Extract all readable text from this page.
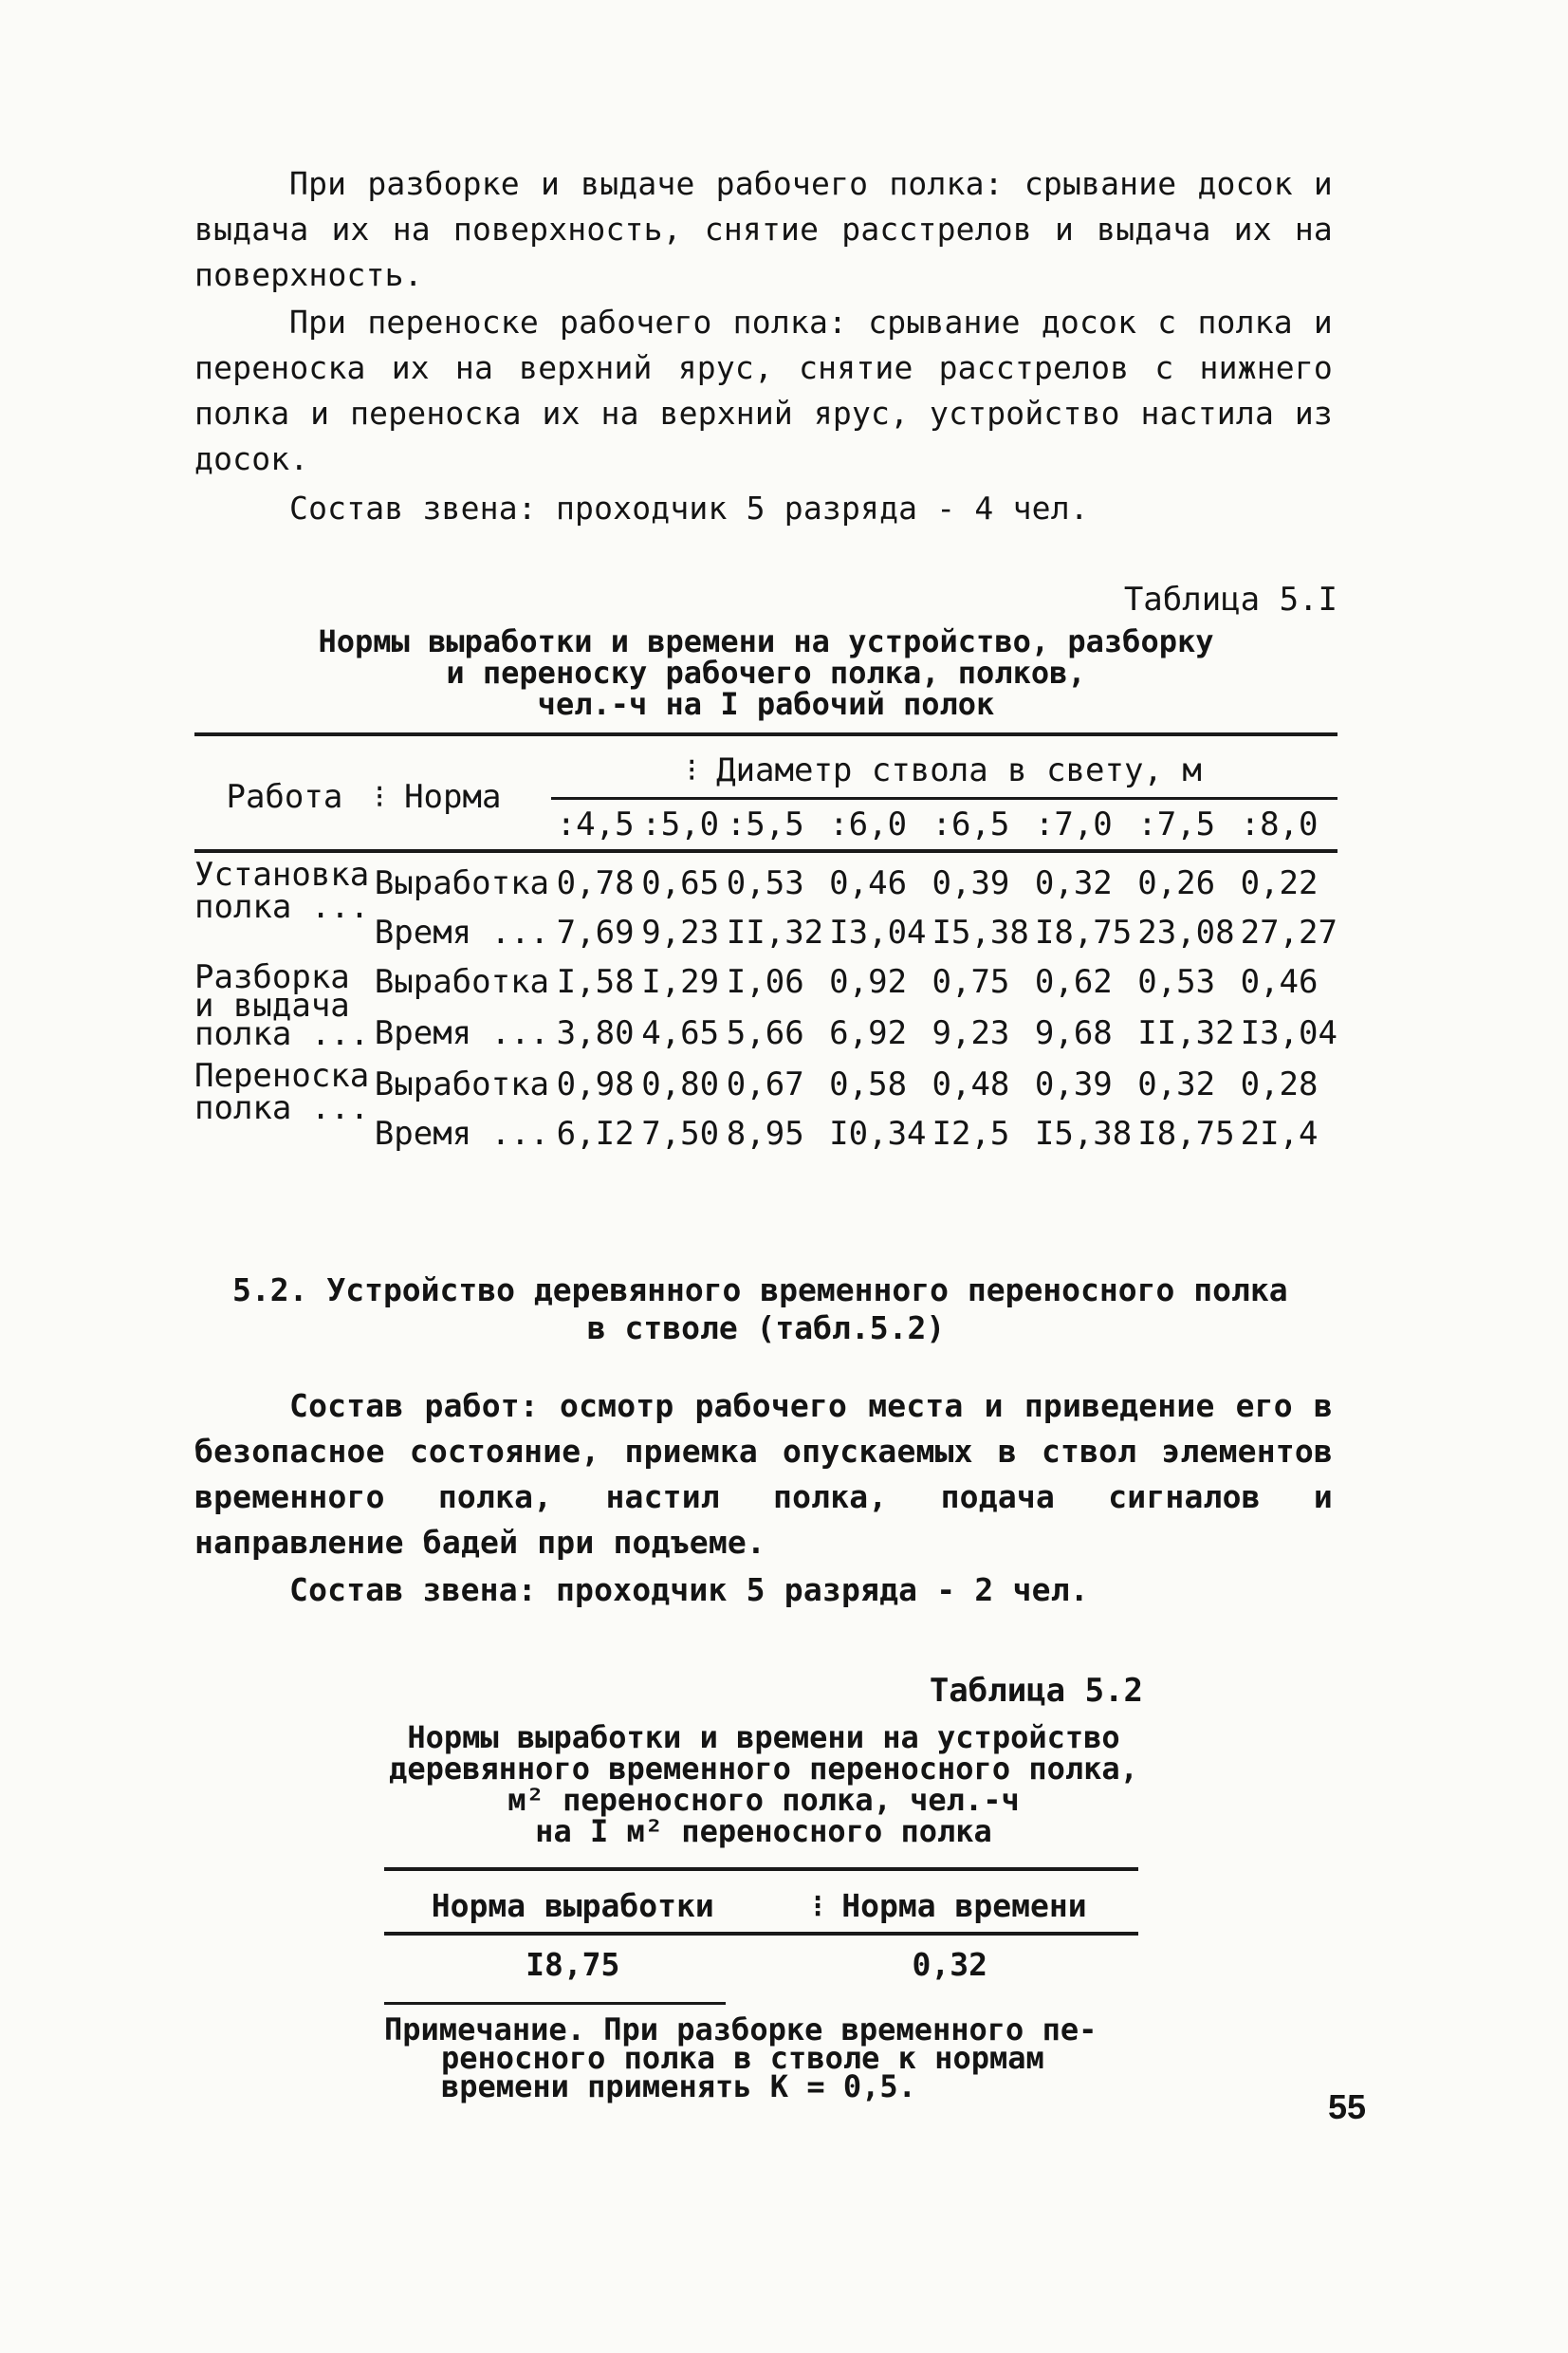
При разборке и выдаче рабочего полка: срывание досок и выдача их на поверхность, снятие расстрелов и выдача их на поверхность.

При переноске рабочего полка: срывание досок с полка и переноска их на верхний ярус, снятие расстрелов с нижнего полка и переноска их на верхний ярус, устройство настила из досок.

Состав звена: проходчик 5 разряда - 4 чел.

Таблица 5.I
Нормы выработки и времени на устройство, разборку
и переноску рабочего полка, полков,
чел.-ч на I рабочий полок
Работа	⁝ Норма	⁝ Диаметр ствола в свету, м							
		:4,5	:5,0	:5,5	:6,0	:6,5	:7,0	:7,5	:8,0

Установка
полка ...	Выработка	0,78	0,65	0,53	0,46	0,39	0,32	0,26	0,22
	Время ...	7,69	9,23	II,32	I3,04	I5,38	I8,75	23,08	27,27

Разборка
и выдача
полка ...	Выработка	I,58	I,29	I,06	0,92	0,75	0,62	0,53	0,46
	Время ...	3,80	4,65	5,66	6,92	9,23	9,68	II,32	I3,04

Переноска
полка ...	Выработка	0,98	0,80	0,67	0,58	0,48	0,39	0,32	0,28
	Время ...	6,I2	7,50	8,95	I0,34	I2,5	I5,38	I8,75	2I,4
5.2. Устройство деревянного временного переносного полка
в стволе (табл.5.2)

Состав работ: осмотр рабочего места и приведение его в безопасное состояние, приемка опускаемых в ствол элементов временного полка, настил полка, подача сигналов и направление бадей при подъеме.

Состав звена: проходчик 5 разряда - 2 чел.

Таблица 5.2
Нормы выработки и времени на устройство
деревянного временного переносного полка,
м² переносного полка, чел.-ч
на I м² переносного полка
Норма выработки	⁝ Норма времени

I8,75	0,32
Примечание. При разборке временного пе-
реносного полка в стволе к нормам
времени применять К = 0,5.
55
